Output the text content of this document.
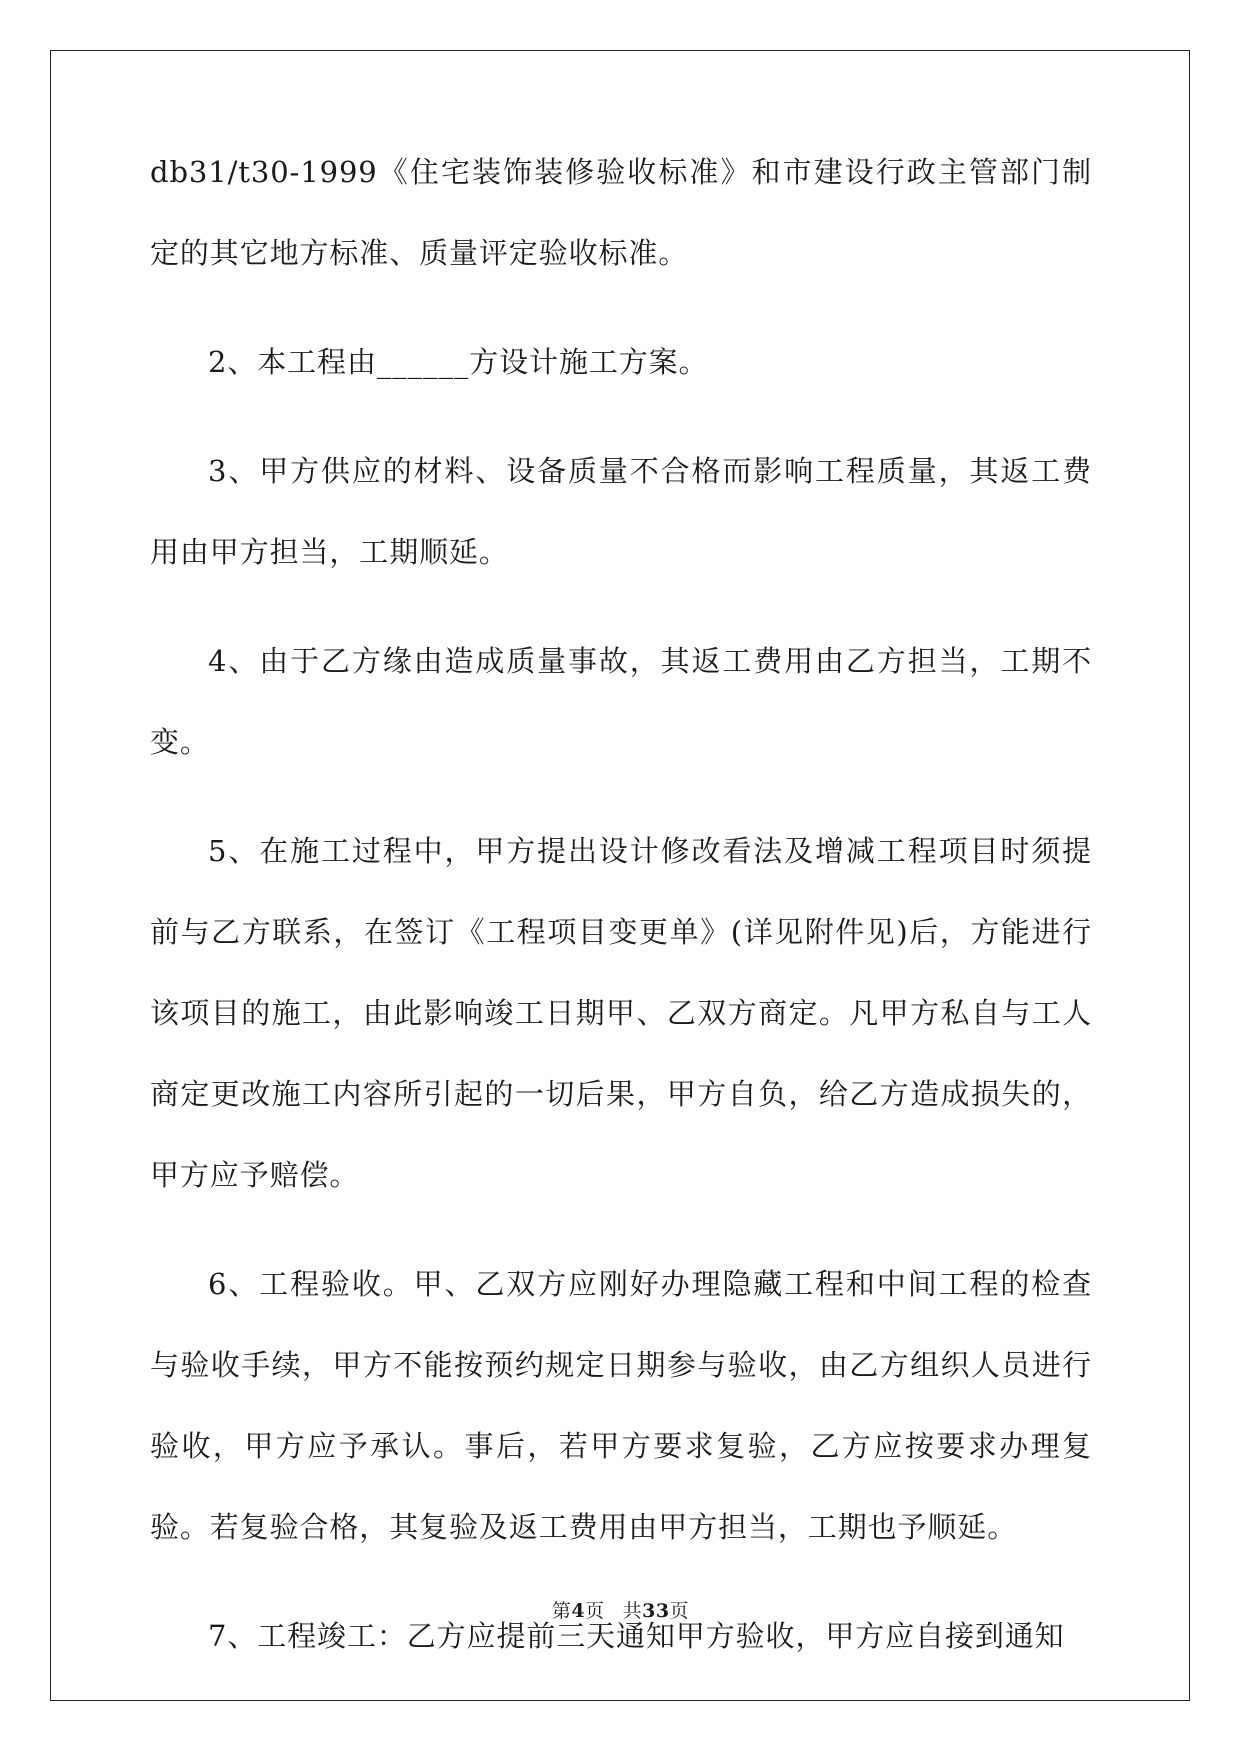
db31/t30-1999《住宅装饰装修验收标准》和市建设行政主管部门制定的其它地方标准、质量评定验收标准。

2、本工程由______方设计施工方案。

3、甲方供应的材料、设备质量不合格而影响工程质量，其返工费用由甲方担当，工期顺延。

4、由于乙方缘由造成质量事故，其返工费用由乙方担当，工期不变。

5、在施工过程中，甲方提出设计修改看法及增减工程项目时须提前与乙方联系，在签订《工程项目变更单》(详见附件见)后，方能进行该项目的施工，由此影响竣工日期甲、乙双方商定。凡甲方私自与工人商定更改施工内容所引起的一切后果，甲方自负，给乙方造成损失的，甲方应予赔偿。

6、工程验收。甲、乙双方应刚好办理隐藏工程和中间工程的检查与验收手续，甲方不能按预约规定日期参与验收，由乙方组织人员进行验收，甲方应予承认。事后，若甲方要求复验，乙方应按要求办理复验。若复验合格，其复验及返工费用由甲方担当，工期也予顺延。

7、工程竣工：乙方应提前三天通知甲方验收，甲方应自接到通知

第4页 共33页
